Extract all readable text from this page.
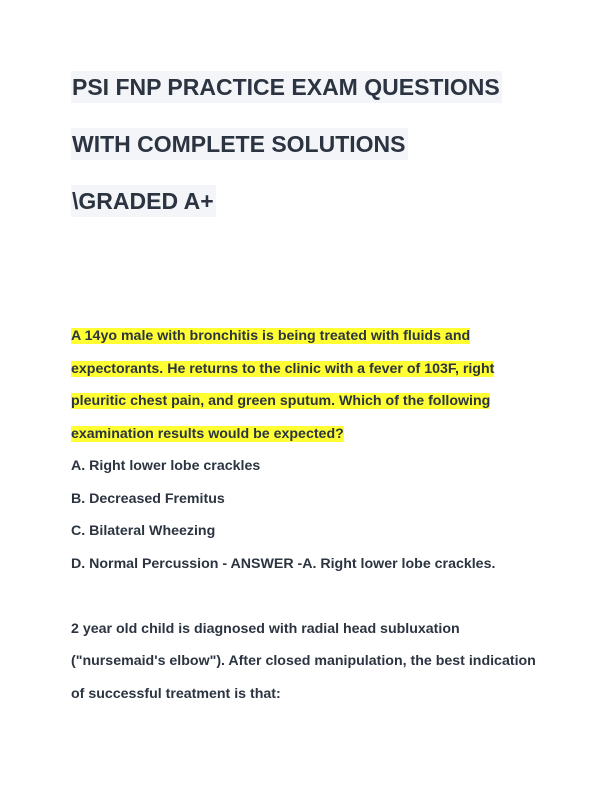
PSI FNP PRACTICE EXAM QUESTIONS
WITH COMPLETE SOLUTIONS
\GRADED A+
A 14yo male with bronchitis is being treated with fluids and
expectorants. He returns to the clinic with a fever of 103F, right
pleuritic chest pain, and green sputum. Which of the following
examination results would be expected?
A. Right lower lobe crackles
B. Decreased Fremitus
C. Bilateral Wheezing
D. Normal Percussion - ANSWER -A. Right lower lobe crackles.
2 year old child is diagnosed with radial head subluxation
("nursemaid's elbow"). After closed manipulation, the best indication
of successful treatment is that:
